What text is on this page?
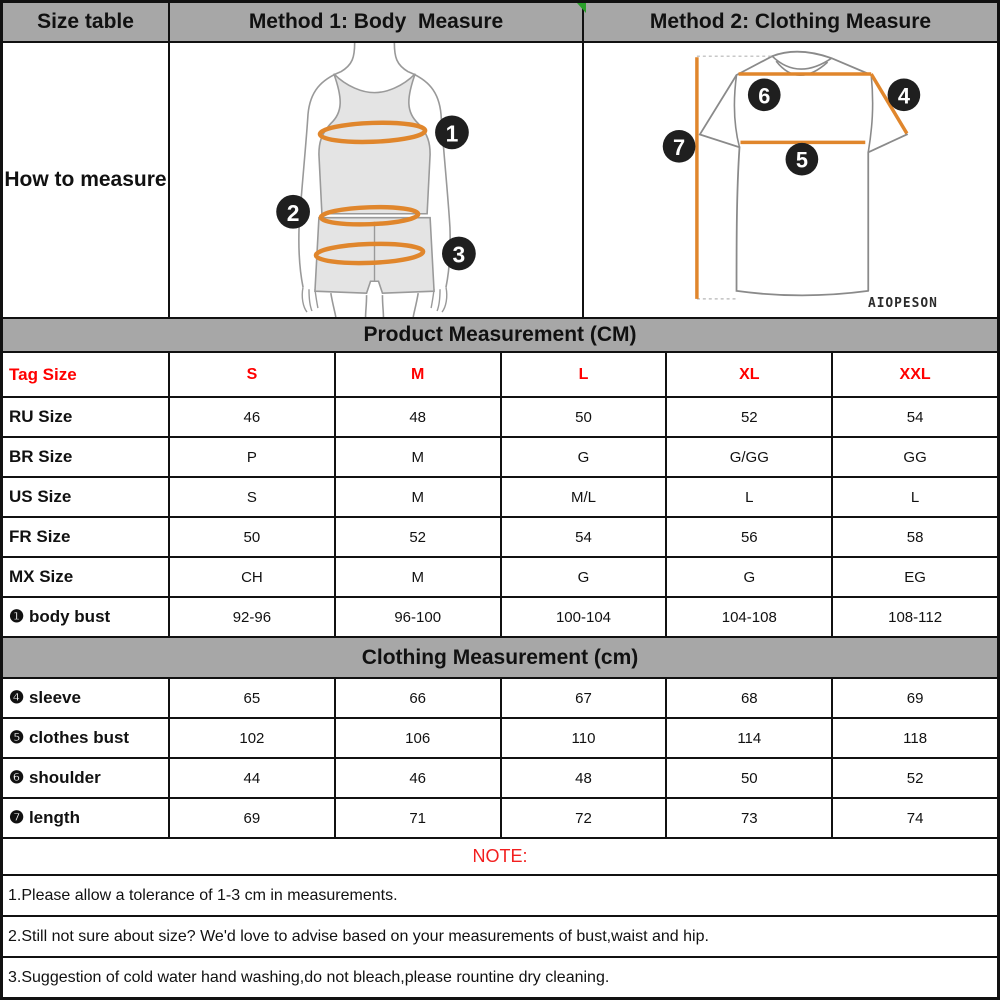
Size table	Method 1: Body  Measure	Method 2: Clothing Measure
How to measure
1
2
3
6	4
7
5
AIOPESON
Product Measurement (CM)
Tag Size	S	M	L	XL	XXL
RU Size	46	48	50	52	54
BR Size	P	M	G	G/GG	GG
US Size	S	M	M/L	L	L
FR Size	50	52	54	56	58
MX Size	CH	M	G	G	EG
❶ body bust	92-96	96-100	100-104	104-108	108-112
Clothing Measurement (cm)
❹ sleeve	65	66	67	68	69
❺ clothes bust	102	106	110	114	118
❻ shoulder	44	46	48	50	52
❼ length	69	71	72	73	74
NOTE:
1.Please allow a tolerance of 1-3 cm in measurements.
2.Still not sure about size? We'd love to advise based on your measurements of bust,waist and hip.
3.Suggestion of cold water hand washing,do not bleach,please rountine dry cleaning.
